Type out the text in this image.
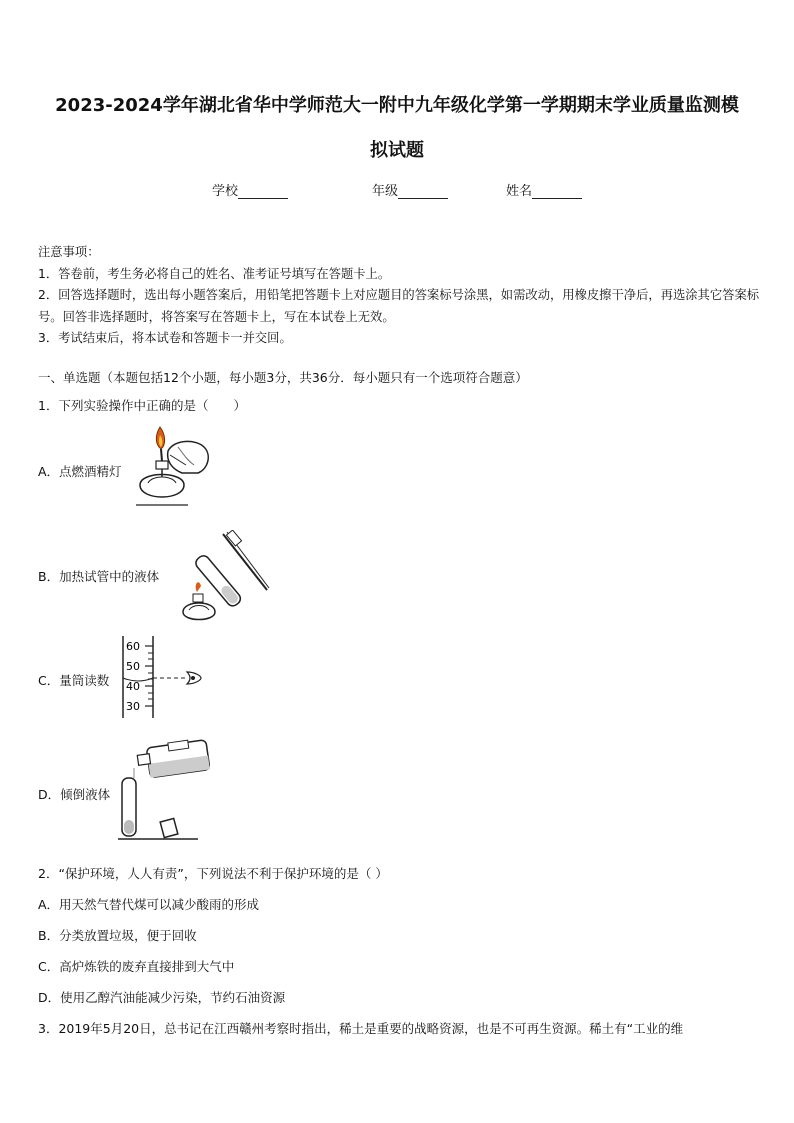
2023-2024学年湖北省华中学师范大一附中九年级化学第一学期期末学业质量监测模
拟试题
学校	年级	姓名

注意事项：

1．答卷前，考生务必将自己的姓名、准考证号填写在答题卡上。

2．回答选择题时，选出每小题答案后，用铅笔把答题卡上对应题目的答案标号涂黑，如需改动，用橡皮擦干净后，再选涂其它答案标号。回答非选择题时，将答案写在答题卡上，写在本试卷上无效。

3．考试结束后，将本试卷和答题卡一并交回。

一、单选题（本题包括12个小题，每小题3分，共36分．每小题只有一个选项符合题意）
1．下列实验操作中正确的是（　　）
A．点燃酒精灯
B．加热试管中的液体
C．量筒读数
60
50
40
30
D．倾倒液体
2．“保护环境，人人有责”，下列说法不利于保护环境的是（ ）
A．用天然气替代煤可以减少酸雨的形成
B．分类放置垃圾，便于回收
C．高炉炼铁的废弃直接排到大气中
D．使用乙醇汽油能减少污染，节约石油资源
3．2019年5月20日，总书记在江西赣州考察时指出，稀土是重要的战略资源，也是不可再生资源。稀土有“工业的维
